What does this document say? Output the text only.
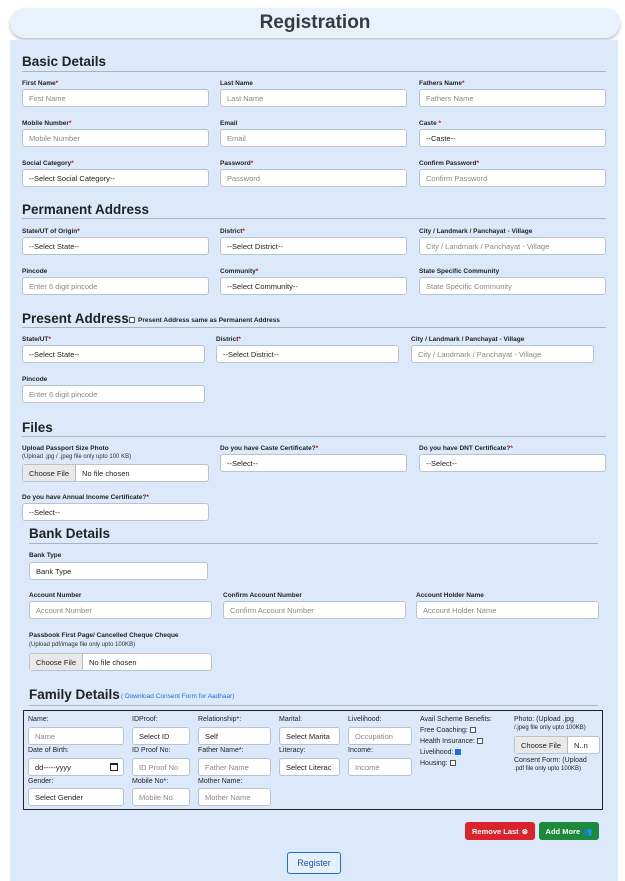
Registration
Basic Details
First Name*
First Name
Last Name
Last Name
Fathers Name*
Fathers Name
Mobile Number*
Mobile Number
Email
Email
Caste *
--Caste--
Social Category*
--Select Social Category--
Password*
Password
Confirm Password*
Confirm Password
Permanent Address
State/UT of Origin*
--Select State--
District*
--Select District--
City / Landmark / Panchayat - Village
City / Landmark / Panchayat - Village
Pincode
Enter 6 digit pincode
Community*
--Select Community--
State Specific Community
State Specific Community
Present Address	Present Address same as Permanent Address
State/UT*
--Select State--
District*
--Select District--
City / Landmark / Panchayat - Village
City / Landmark / Panchayat - Village
Pincode
Enter 6 digit pincode
Files
Upload Passport Size Photo
(Upload .jpg / .jpeg file only upto 100 KB)
Choose File	No file chosen
Do you have Caste Certificate?*
--Select--
Do you have DNT Certificate?*
--Select--
Do you have Annual Income Certificate?*
--Select--
Bank Details
Bank Type
Bank Type
Account Number
Account Number
Confirm Account Number
Confirm Account Number
Account Holder Name
Account Holder Name
Passbook First Page/ Cancelled Cheque Cheque
(Upload pdf/image file only upto 100KB)
Choose File	No file chosen
Family Details ( Download Consent Form for Aadhaar)
Name:
Name
Date of Birth:
dd-----yyyy
Gender:
Select Gender
IDProof:
Select ID
ID Proof No:
ID Proof No
Mobile No*:
Mobile No
Relationship*:
Self
Father Name*:
Father Name
Mother Name:
Mother Name
Marital:
Select Marita
Literacy:
Select Literac
Livelihood:
Occupation
Income:
Income
Avail Scheme Benefits:
Free Coaching:
Health Insurance:
Livelihood:
Housing:
Photo: (Upload .jpg
/.jpeg file only upto 100KB)
Choose File	N..n
Consent Form: (Upload
.pdf file only upto 100KB)
Remove Last ⊗ Add More 👥
Register
